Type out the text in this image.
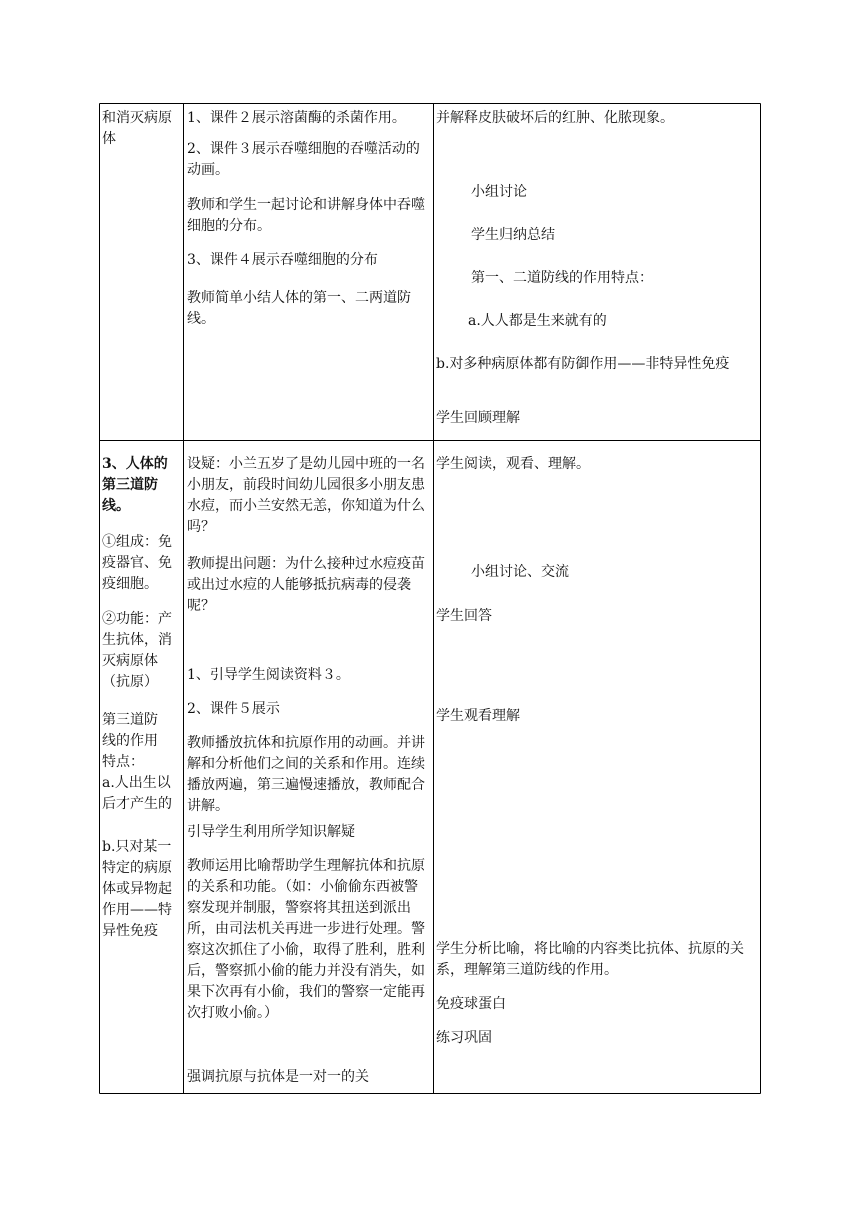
和消灭病原体
1、课件２展示溶菌酶的杀菌作用。
2、课件３展示吞噬细胞的吞噬活动的动画。
教师和学生一起讨论和讲解身体中吞噬细胞的分布。
3、课件４展示吞噬细胞的分布
教师简单小结人体的第一、二两道防线。
并解释皮肤破坏后的红肿、化脓现象。
小组讨论
学生归纳总结
第一、二道防线的作用特点：
a.人人都是生来就有的
b.对多种病原体都有防御作用——非特异性免疫
学生回顾理解
3、人体的第三道防线。
①组成：免疫器官、免疫细胞。
②功能：产生抗体，消灭病原体（抗原）
第三道防线的作用特点：
a.人出生以后才产生的
b.只对某一特定的病原体或异物起作用——特异性免疫
设疑：小兰五岁了是幼儿园中班的一名小朋友，前段时间幼儿园很多小朋友患水痘，而小兰安然无恙，你知道为什么吗？
教师提出问题：为什么接种过水痘疫苗或出过水痘的人能够抵抗病毒的侵袭呢？
1、引导学生阅读资料３。
2、课件５展示
教师播放抗体和抗原作用的动画。并讲解和分析他们之间的关系和作用。连续播放两遍，第三遍慢速播放，教师配合讲解。
引导学生利用所学知识解疑
教师运用比喻帮助学生理解抗体和抗原的关系和功能。（如：小偷偷东西被警察发现并制服，警察将其扭送到派出所，由司法机关再进一步进行处理。警察这次抓住了小偷，取得了胜利，胜利后，警察抓小偷的能力并没有消失，如果下次再有小偷，我们的警察一定能再次打败小偷。）
强调抗原与抗体是一对一的关
学生阅读，观看、理解。
小组讨论、交流
学生回答
学生观看理解
学生分析比喻，将比喻的内容类比抗体、抗原的关系，理解第三道防线的作用。
免疫球蛋白
练习巩固
